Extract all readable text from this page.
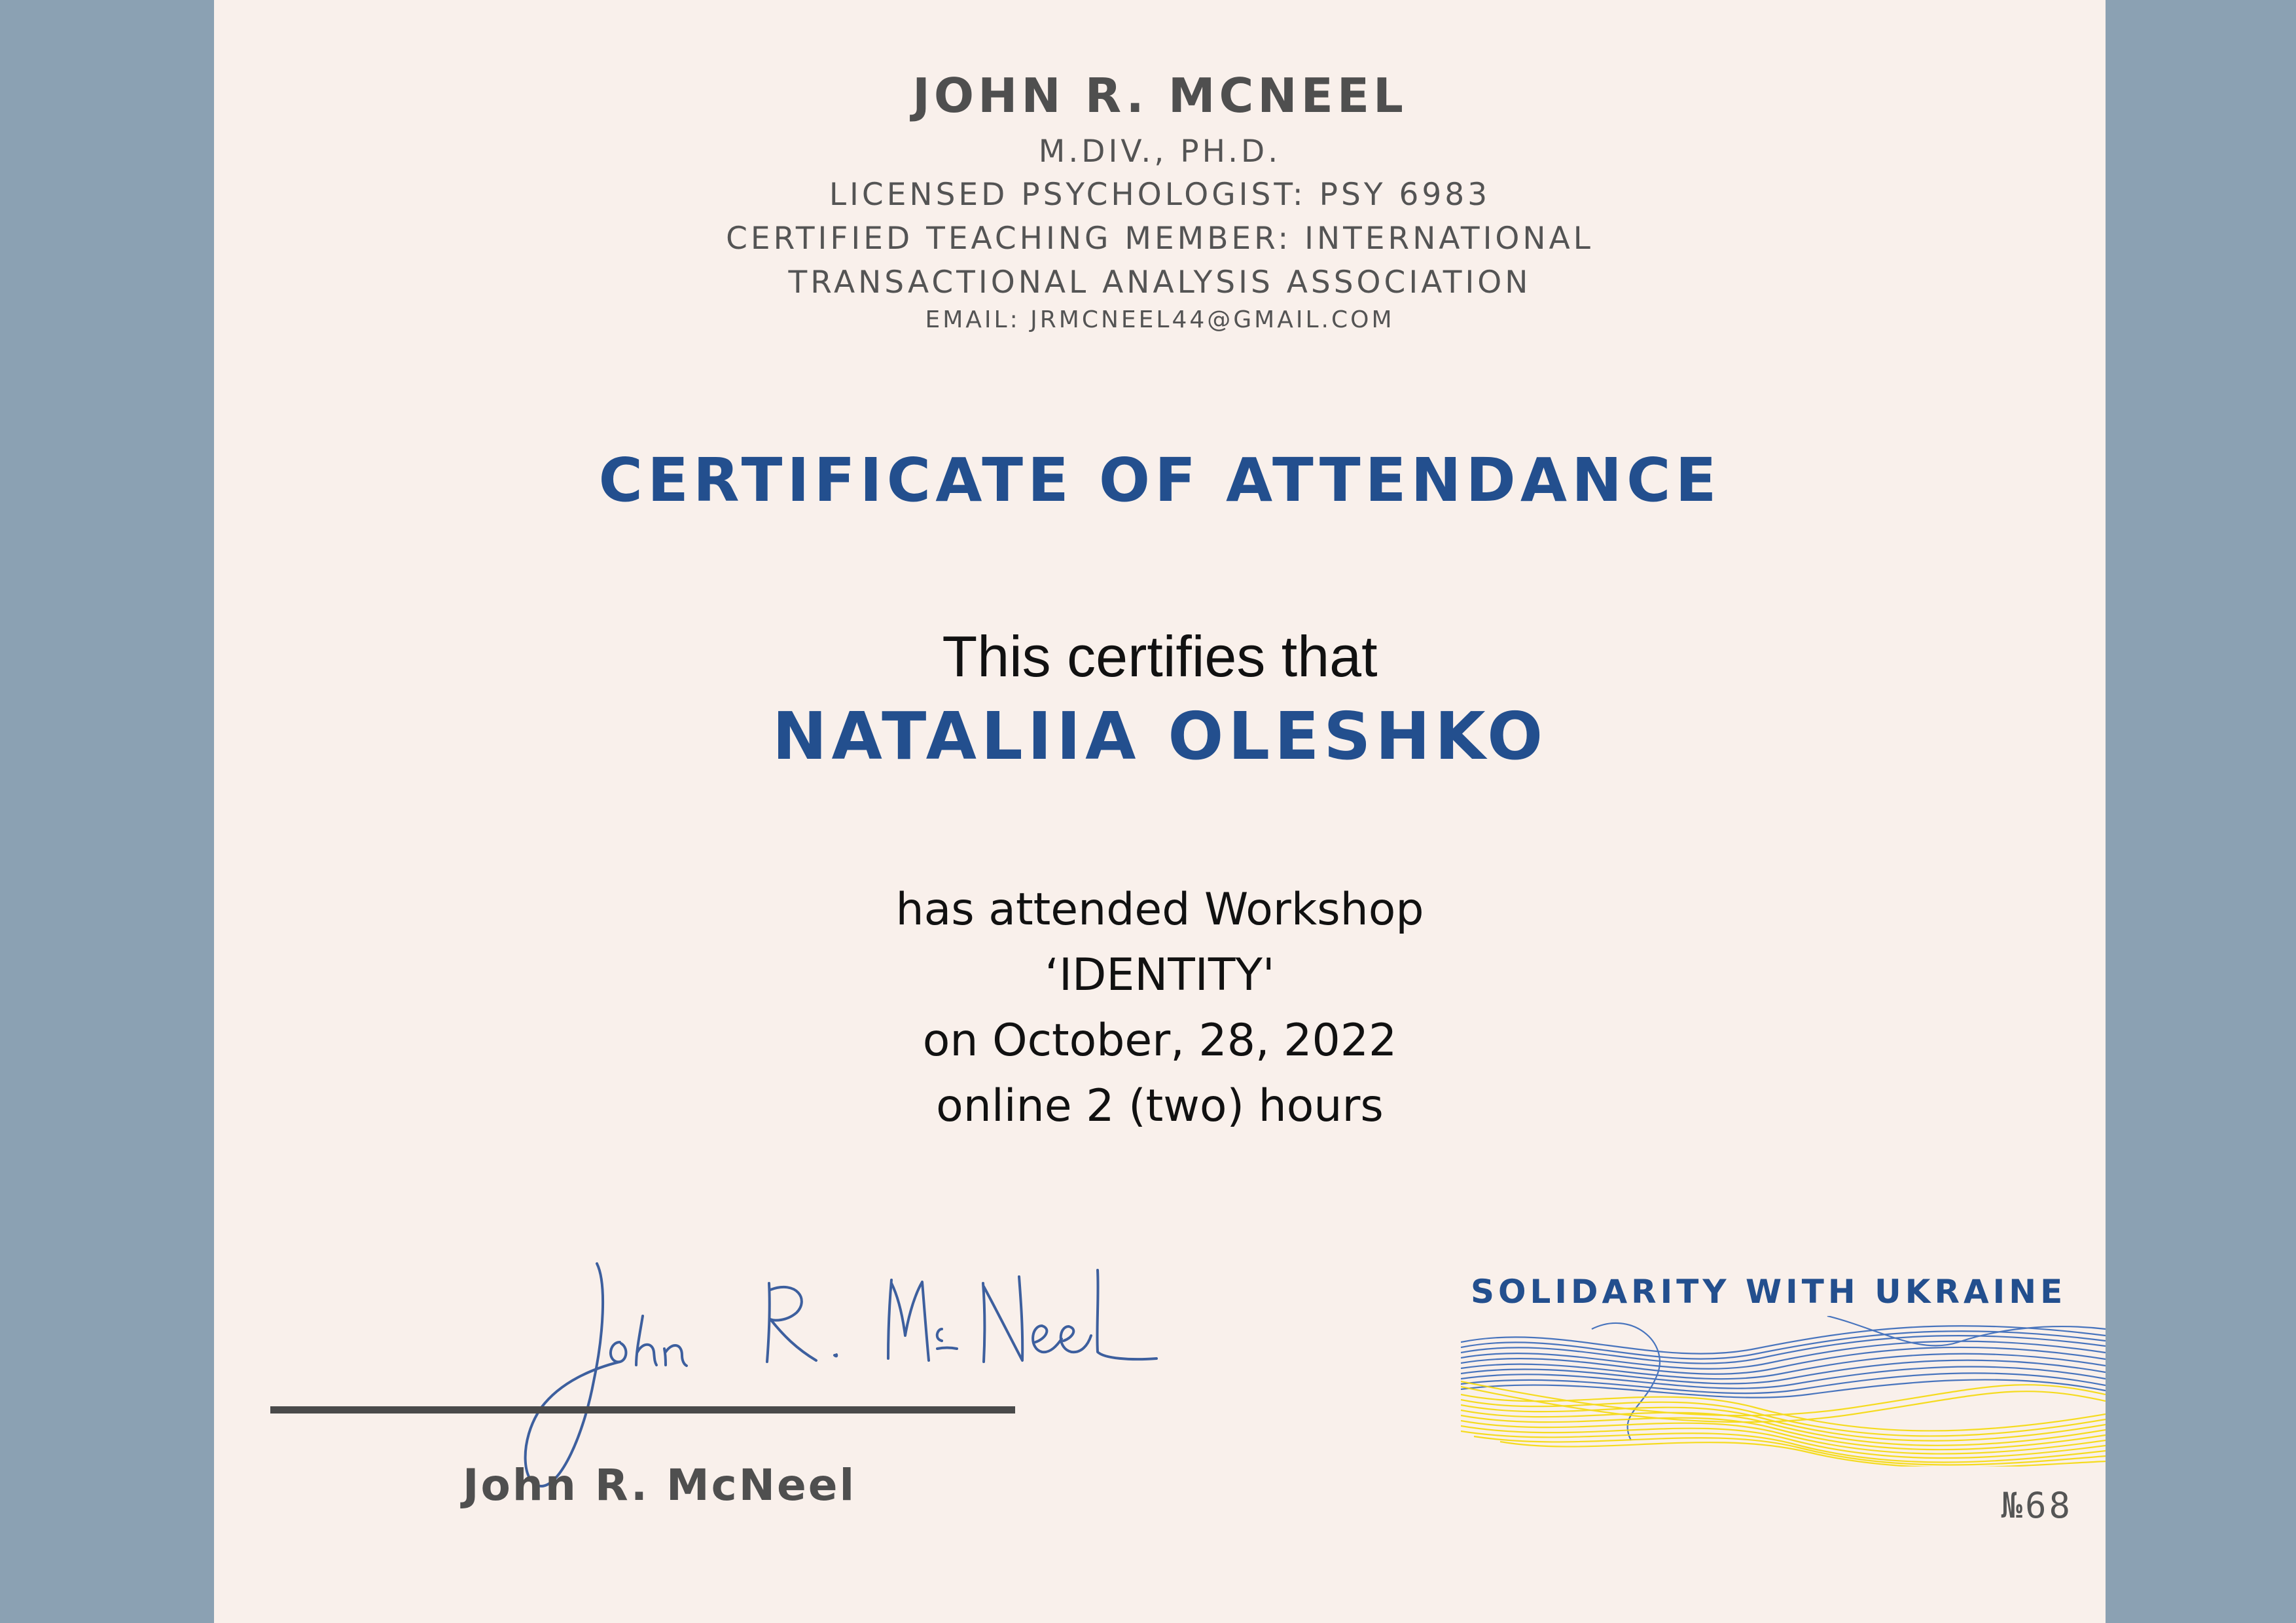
JOHN R. MCNEEL
M.DIV., PH.D.
LICENSED PSYCHOLOGIST: PSY 6983
CERTIFIED TEACHING MEMBER: INTERNATIONAL
TRANSACTIONAL ANALYSIS ASSOCIATION
EMAIL: JRMCNEEL44@GMAIL.COM
CERTIFICATE OF ATTENDANCE
This certifies that
NATALIIA OLESHKO
has attended Workshop
‘IDENTITY'
on October, 28, 2022
online 2 (two) hours
John R. McNeel
SOLIDARITY WITH UKRAINE
№68
